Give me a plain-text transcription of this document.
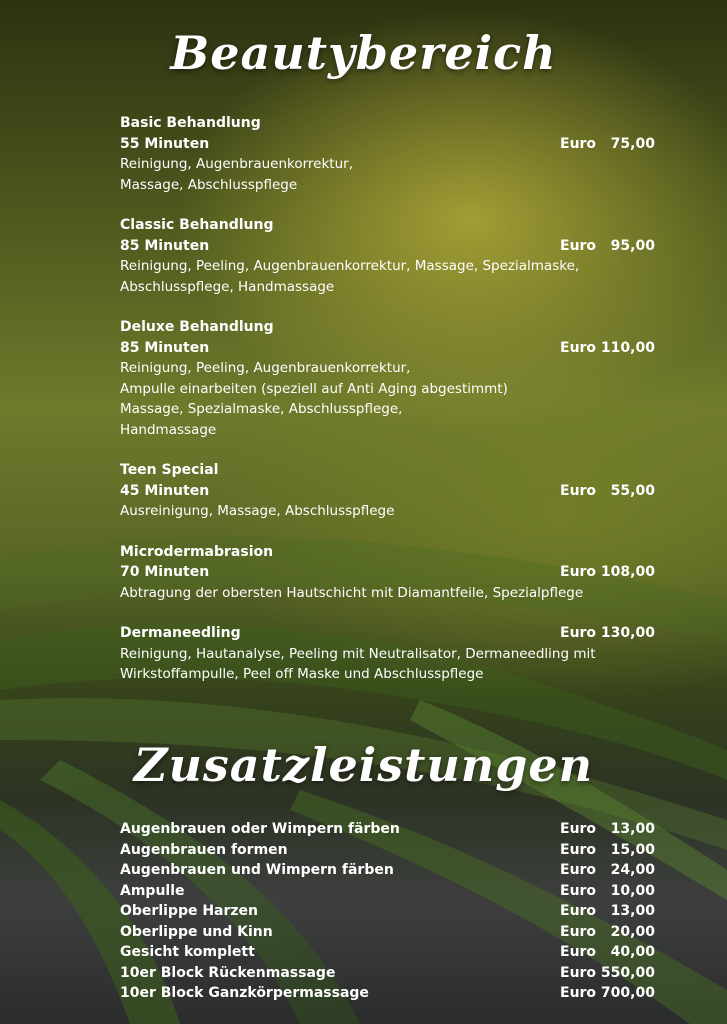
Beautybereich
Basic Behandlung
55 Minuten	Euro   75,00
Reinigung, Augenbrauenkorrektur,
Massage, Abschlusspflege
Classic Behandlung
85 Minuten	Euro   95,00
Reinigung, Peeling, Augenbrauenkorrektur, Massage, Spezialmaske,
Abschlusspflege, Handmassage
Deluxe Behandlung
85 Minuten	Euro 110,00
Reinigung, Peeling, Augenbrauenkorrektur,
Ampulle einarbeiten (speziell auf Anti Aging abgestimmt)
Massage, Spezialmaske, Abschlusspflege,
Handmassage
Teen Special
45 Minuten	Euro   55,00
Ausreinigung, Massage, Abschlusspflege
Microdermabrasion
70 Minuten	Euro 108,00
Abtragung der obersten Hautschicht mit Diamantfeile, Spezialpflege
Dermaneedling	Euro 130,00
Reinigung, Hautanalyse, Peeling mit Neutralisator, Dermaneedling mit
Wirkstoffampulle, Peel off Maske und Abschlusspflege
Zusatzleistungen
Augenbrauen oder Wimpern färben	Euro   13,00
Augenbrauen formen	Euro   15,00
Augenbrauen und Wimpern färben	Euro   24,00
Ampulle	Euro   10,00
Oberlippe Harzen	Euro   13,00
Oberlippe und Kinn	Euro   20,00
Gesicht komplett	Euro   40,00
10er Block Rückenmassage	Euro 550,00
10er Block Ganzkörpermassage	Euro 700,00
